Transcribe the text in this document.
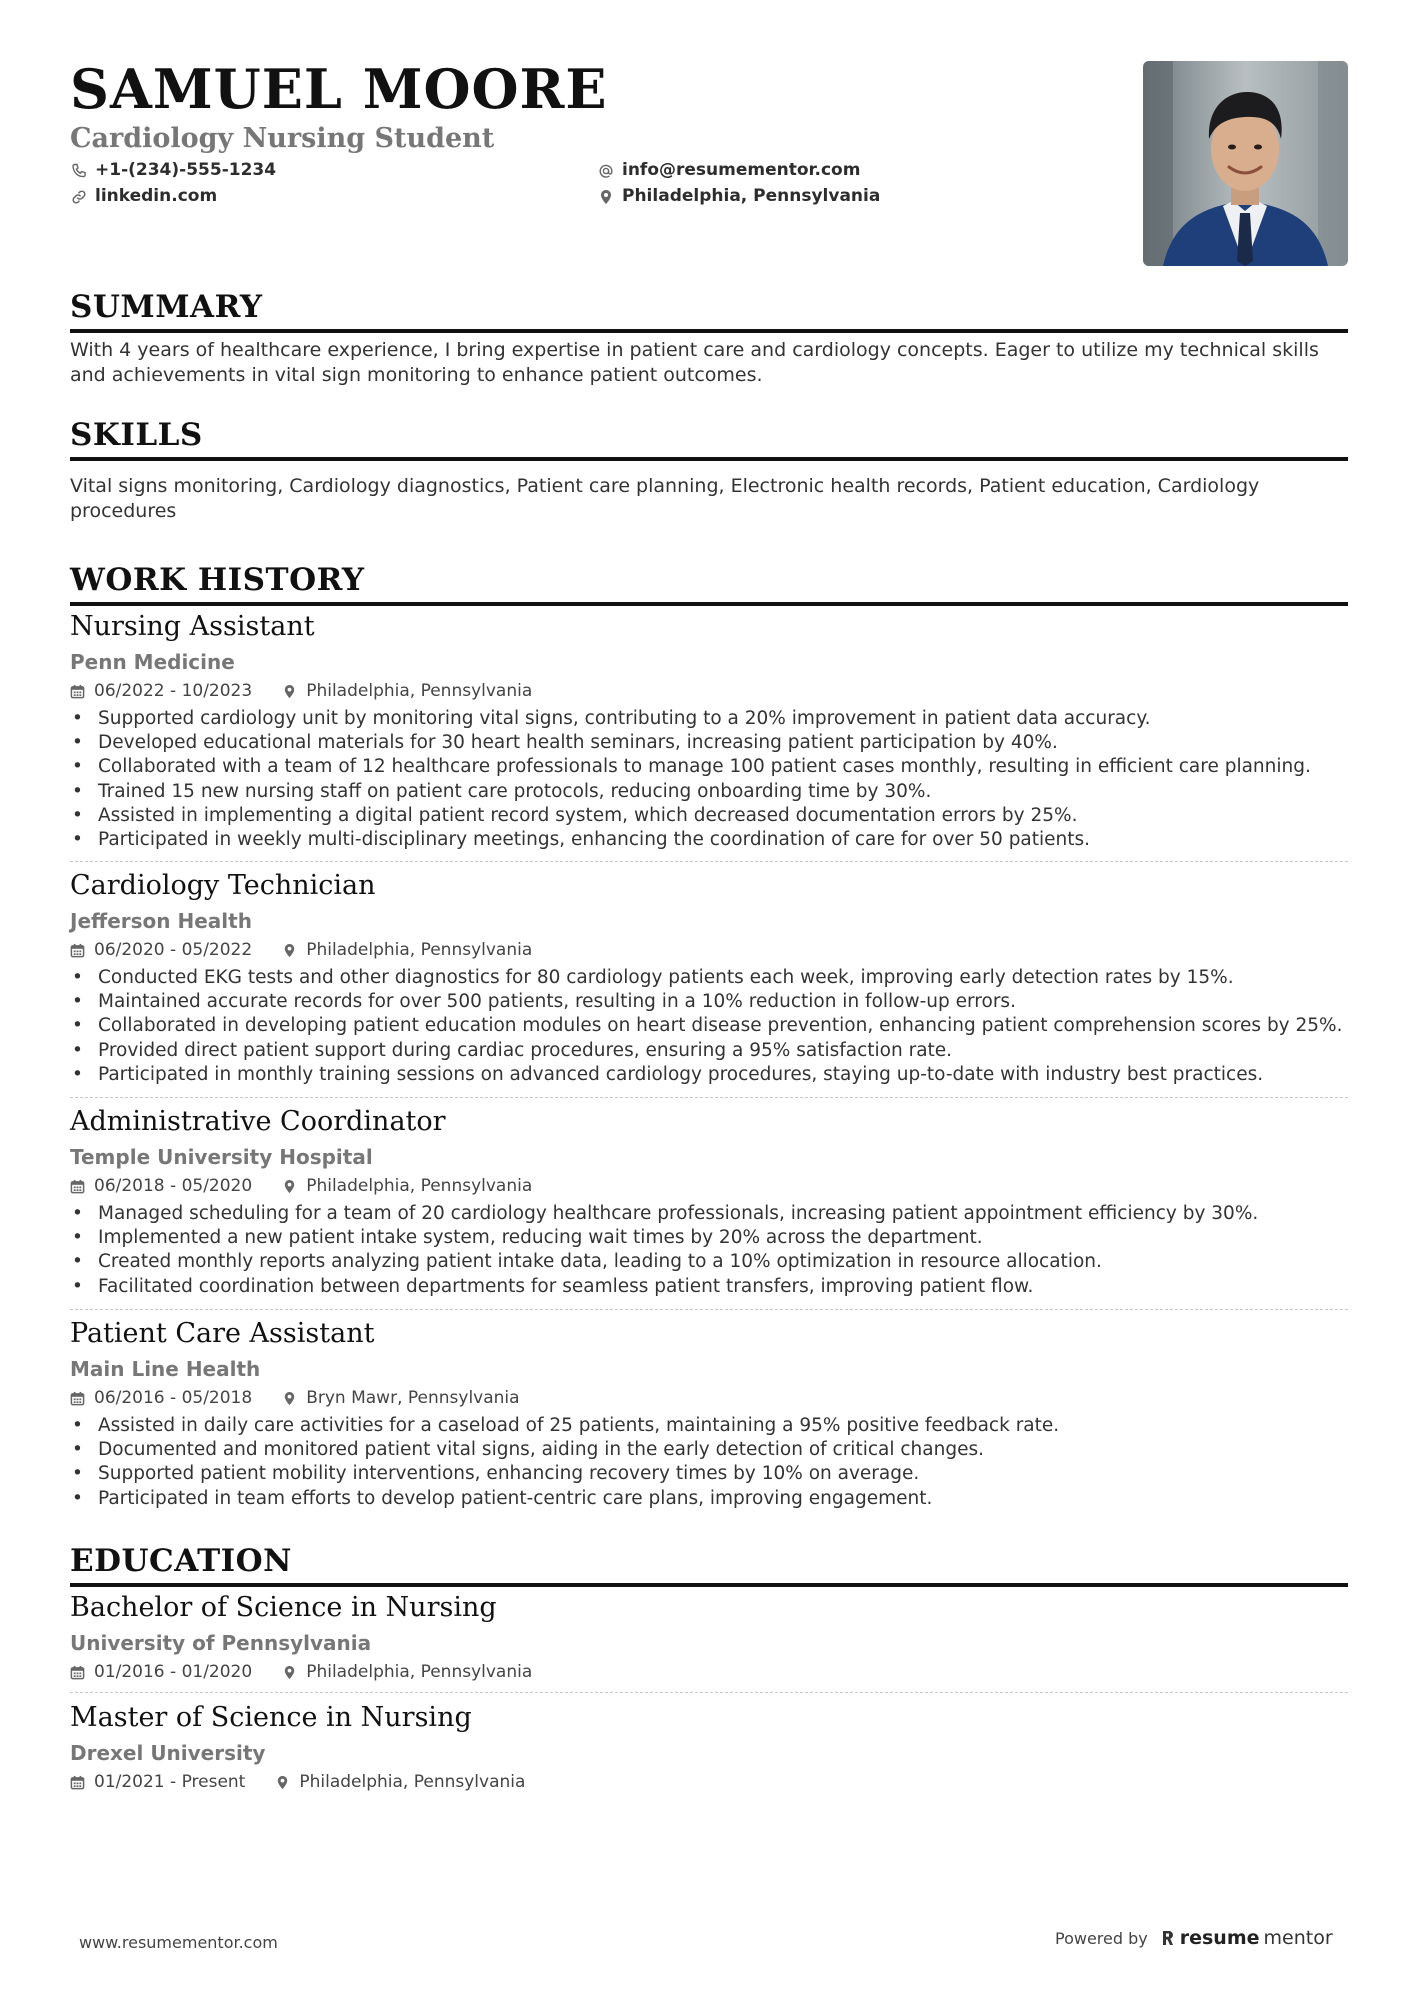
SAMUEL MOORE
Cardiology Nursing Student
+1-(234)-555-1234
linkedin.com
info@resumementor.com
Philadelphia, Pennsylvania
SUMMARY
With 4 years of healthcare experience, I bring expertise in patient care and cardiology concepts. Eager to utilize my technical skills and achievements in vital sign monitoring to enhance patient outcomes.
SKILLS
Vital signs monitoring, Cardiology diagnostics, Patient care planning, Electronic health records, Patient education, Cardiology procedures
WORK HISTORY
Nursing Assistant
Penn Medicine
06/2022 - 10/2023	Philadelphia, Pennsylvania
• Supported cardiology unit by monitoring vital signs, contributing to a 20% improvement in patient data accuracy.
• Developed educational materials for 30 heart health seminars, increasing patient participation by 40%.
• Collaborated with a team of 12 healthcare professionals to manage 100 patient cases monthly, resulting in efficient care planning.
• Trained 15 new nursing staff on patient care protocols, reducing onboarding time by 30%.
• Assisted in implementing a digital patient record system, which decreased documentation errors by 25%.
• Participated in weekly multi-disciplinary meetings, enhancing the coordination of care for over 50 patients.
Cardiology Technician
Jefferson Health
06/2020 - 05/2022	Philadelphia, Pennsylvania
• Conducted EKG tests and other diagnostics for 80 cardiology patients each week, improving early detection rates by 15%.
• Maintained accurate records for over 500 patients, resulting in a 10% reduction in follow-up errors.
• Collaborated in developing patient education modules on heart disease prevention, enhancing patient comprehension scores by 25%.
• Provided direct patient support during cardiac procedures, ensuring a 95% satisfaction rate.
• Participated in monthly training sessions on advanced cardiology procedures, staying up-to-date with industry best practices.
Administrative Coordinator
Temple University Hospital
06/2018 - 05/2020	Philadelphia, Pennsylvania
• Managed scheduling for a team of 20 cardiology healthcare professionals, increasing patient appointment efficiency by 30%.
• Implemented a new patient intake system, reducing wait times by 20% across the department.
• Created monthly reports analyzing patient intake data, leading to a 10% optimization in resource allocation.
• Facilitated coordination between departments for seamless patient transfers, improving patient flow.
Patient Care Assistant
Main Line Health
06/2016 - 05/2018	Bryn Mawr, Pennsylvania
• Assisted in daily care activities for a caseload of 25 patients, maintaining a 95% positive feedback rate.
• Documented and monitored patient vital signs, aiding in the early detection of critical changes.
• Supported patient mobility interventions, enhancing recovery times by 10% on average.
• Participated in team efforts to develop patient-centric care plans, improving engagement.
EDUCATION
Bachelor of Science in Nursing
University of Pennsylvania
01/2016 - 01/2020	Philadelphia, Pennsylvania
Master of Science in Nursing
Drexel University
01/2021 - Present	Philadelphia, Pennsylvania
www.resumementor.com	Powered by resume mentor
